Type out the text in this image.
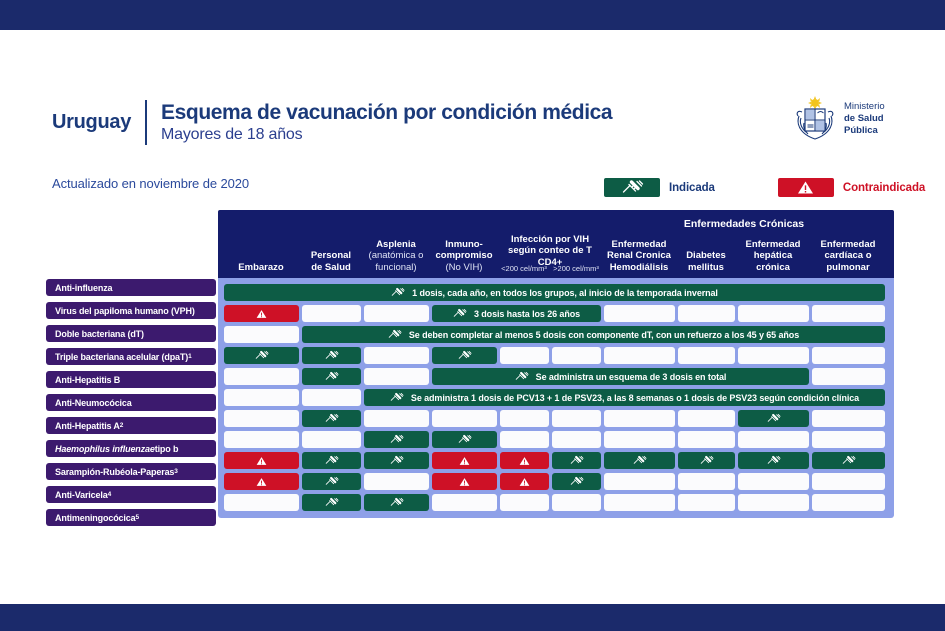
Uruguay	Esquema de vacunación por condición médica
Mayores de 18 años
Actualizado en noviembre de 2020
Ministerio
de Salud
Pública
Indicada	Contraindicada
Anti-influenza
Virus del papiloma humano (VPH)
Doble bacteriana (dT)
Triple bacteriana acelular (dpaT) 1
Anti-Hepatitis B
Anti-Neumocócica
Anti-Hepatitis A 2
Haemophilus influenzae tipo b
Sarampión-Rubéola-Paperas 3
Anti-Varicela 4
Antimeningocócica 5
Enfermedades Crónicas
Infección por VIH
según conteo de T CD4+
Embarazo
Personal
de Salud
Asplenia
(anatómica o
funcional)
Inmuno-
compromiso
(No VIH) <200 cel/mm³ >200 cel/mm³
Enfermedad
Renal Cronica
Hemodiálisis
Diabetes
mellitus
Enfermedad
hepática
crónica
Enfermedad
cardíaca o
pulmonar
1 dosis, cada año, en todos los grupos, al inicio de la temporada invernal
3 dosis hasta los 26 años
Se deben completar al menos 5 dosis con componente dT, con un refuerzo a los 45 y 65 años
Se administra un esquema de 3 dosis en total
Se administra 1 dosis de PCV13 + 1 de PSV23, a las 8 semanas o 1 dosis de PSV23 según condición clínica
